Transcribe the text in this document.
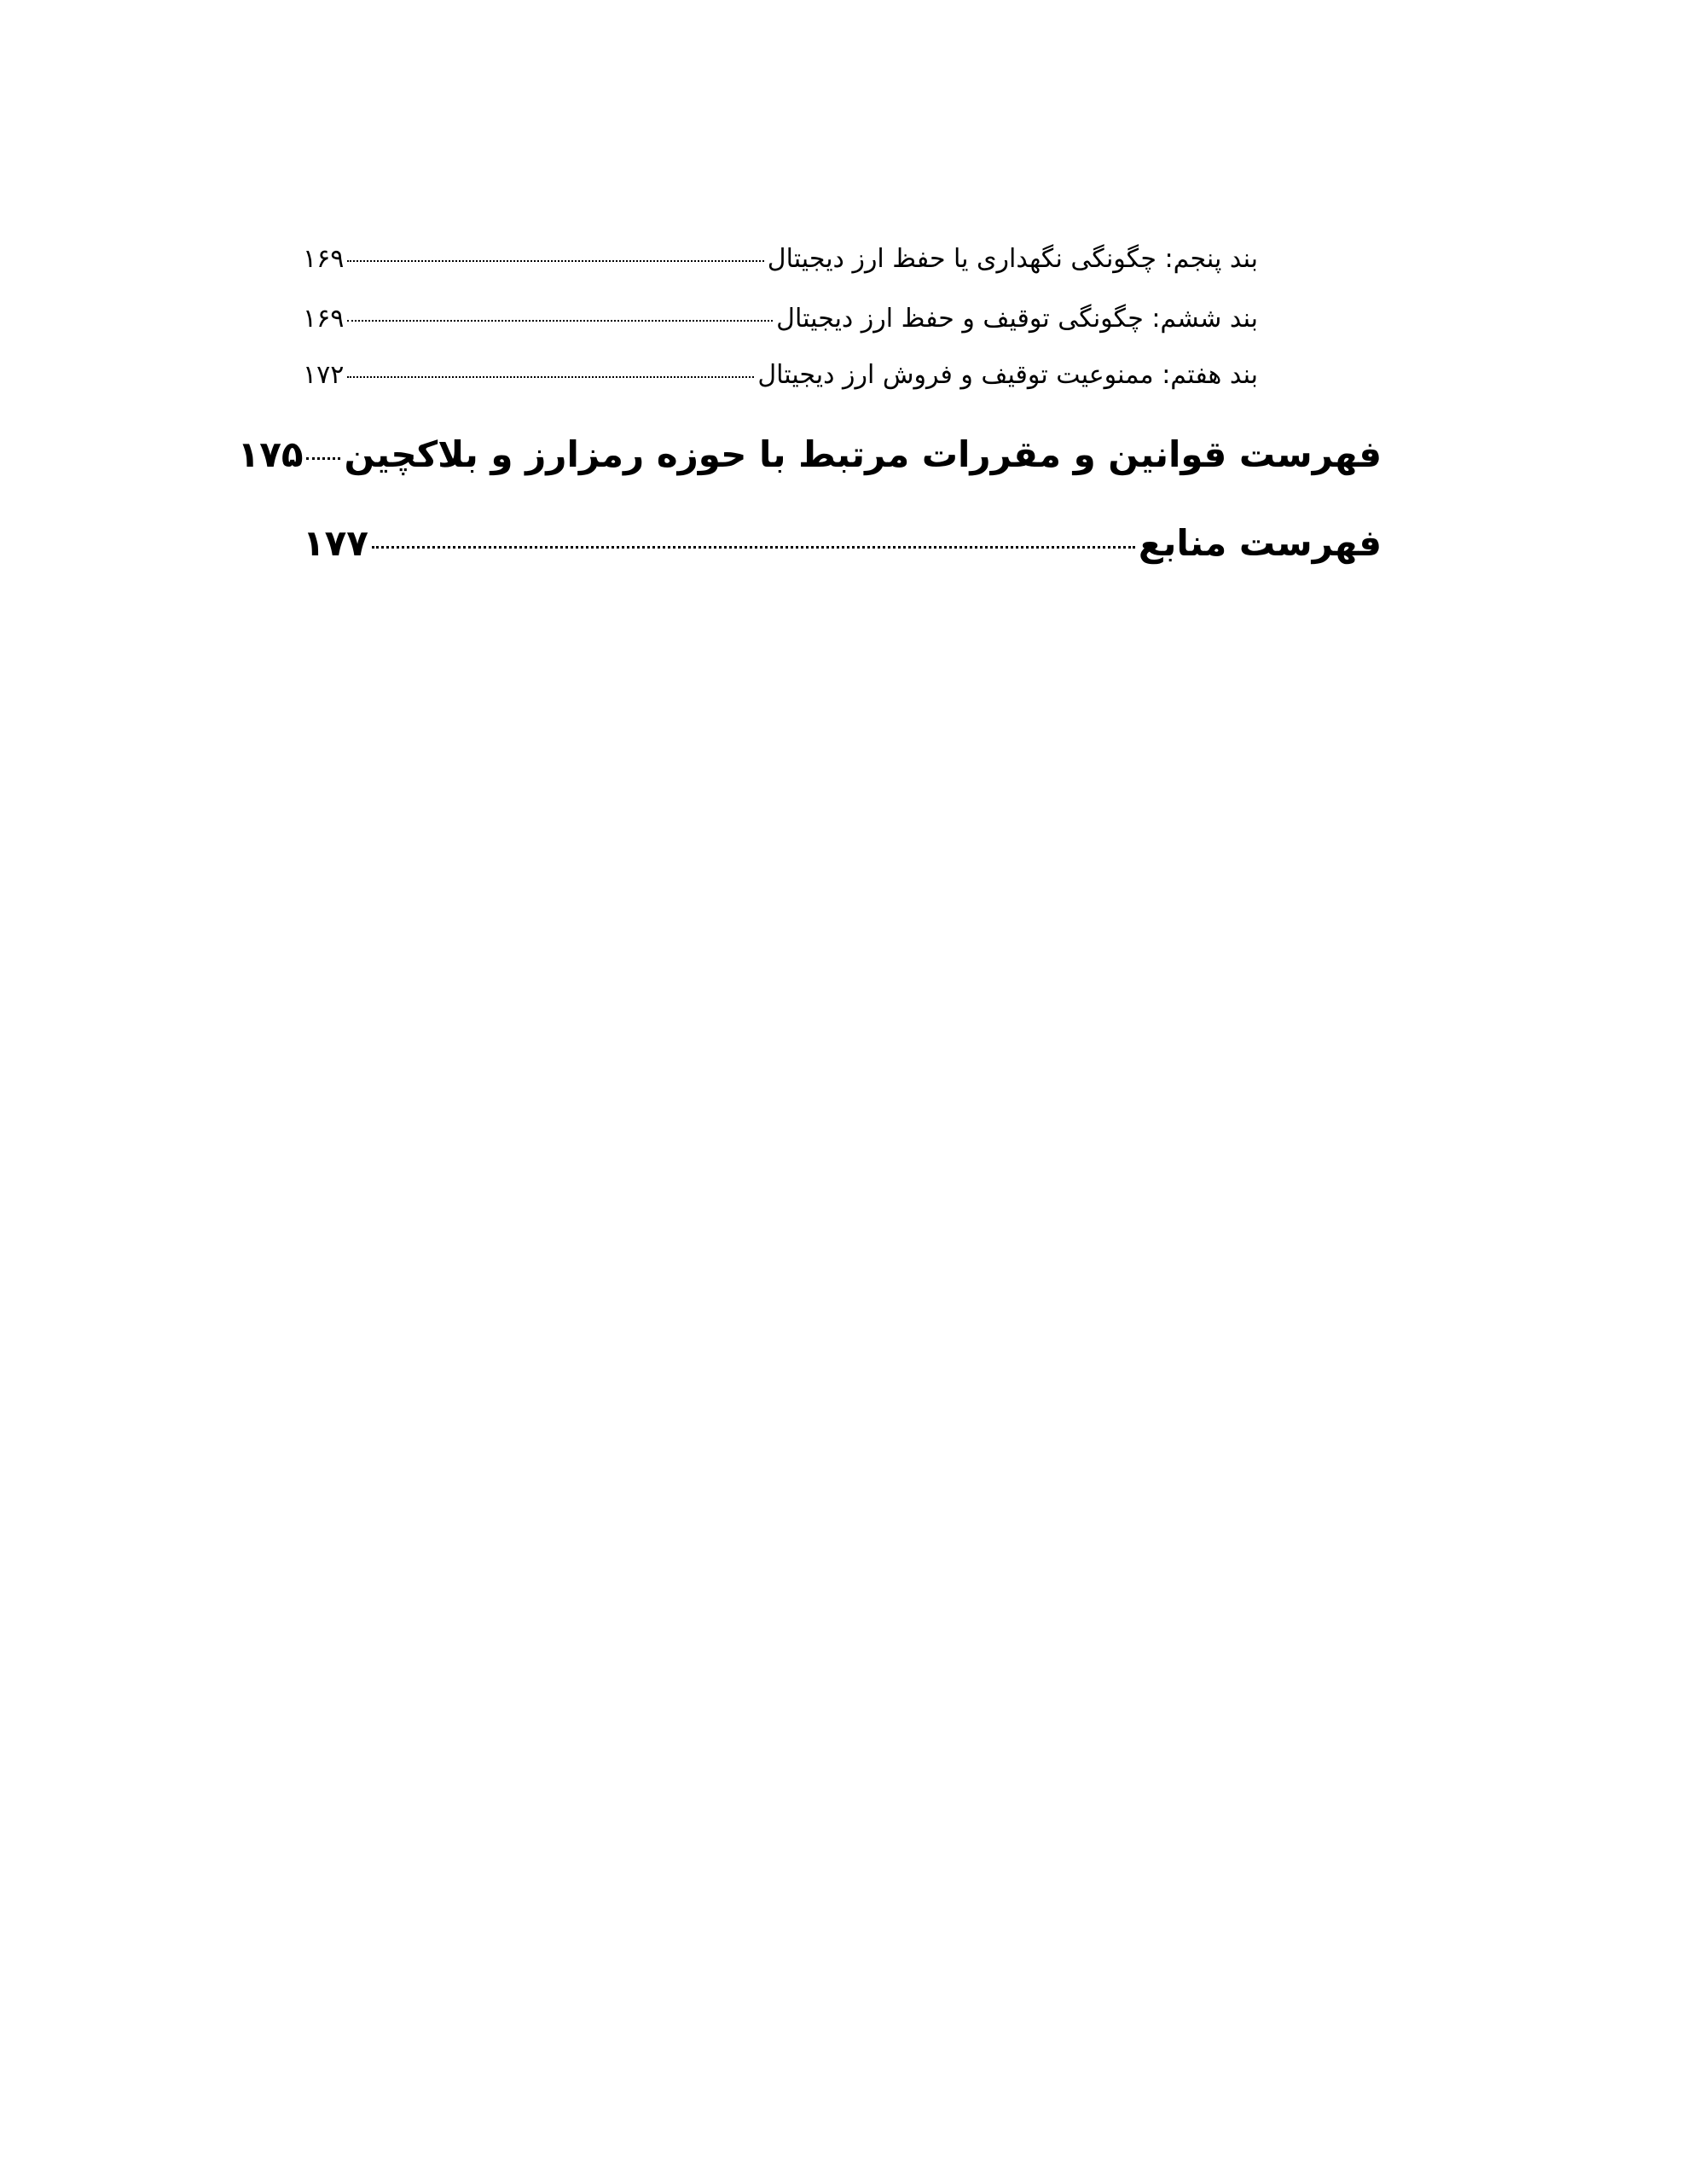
بند پنجم: چگونگی نگهداری یا حفظ ارز دیجیتال
۱۶۹
بند ششم: چگونگی توقیف و حفظ ارز دیجیتال
۱۶۹
بند هفتم: ممنوعیت توقیف و فروش ارز دیجیتال
۱۷۲
فهرست قوانین و مقررات مرتبط با حوزه رمزارز و بلاکچین
۱۷۵
فهرست منابع
۱۷۷
